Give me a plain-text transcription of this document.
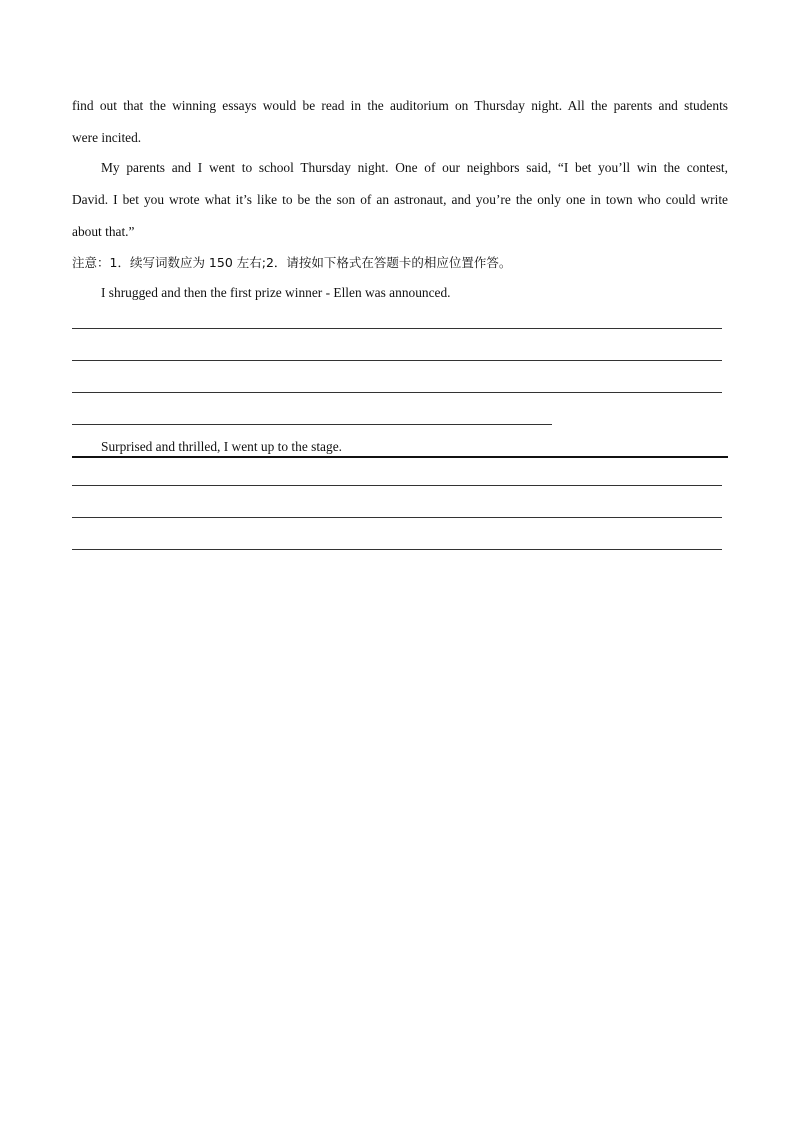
find out that the winning essays would be read in the auditorium on Thursday night. All the parents and students
were incited.
My parents and I went to school Thursday night. One of our neighbors said, “I bet you’ll win the contest,
David. I bet you wrote what it’s like to be the son of an astronaut, and you’re the only one in town who could write
about that.”
注意：1．续写词数应为 150 左右;2．请按如下格式在答题卡的相应位置作答。
I shrugged and then the first prize winner - Ellen was announced.
Surprised and thrilled, I went up to the stage.
